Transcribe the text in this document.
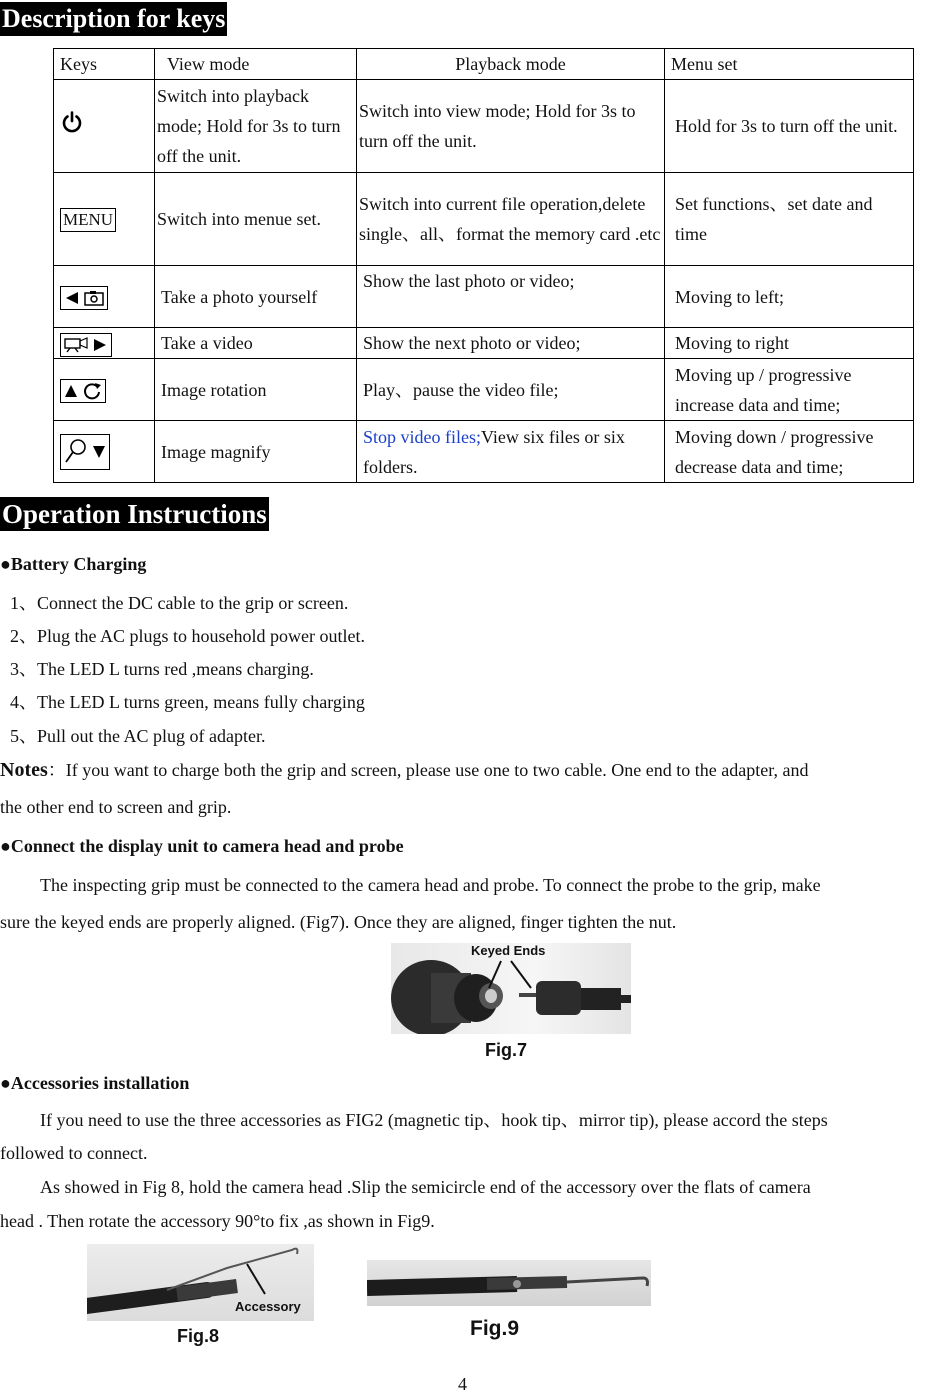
Description for keys
Keys	View mode	Playback mode	Menu set
	Switch into playback mode; Hold for 3s to turn off the unit.	Switch into view mode; Hold for 3s to turn off the unit.	Hold for 3s to turn off the unit.
MENU	Switch into menue set.	Switch into current file operation,delete single、all、format the memory card .etc	Set functions、set date and time

	Take a photo yourself	Show the last photo or video;	Moving to left;

	Take a video	Show the next photo or video;	Moving to right

	Image rotation	Play、pause the video file;	Moving up / progressive increase data and time;

	Image magnify	Stop video files;View six files or six folders.	Moving down / progressive decrease data and time;
Operation Instructions
●Battery Charging
1、Connect the DC cable to the grip or screen.
2、Plug the AC plugs to household power outlet.
3、The LED L turns red ,means charging.
4、The LED L turns green, means fully charging
5、Pull out the AC plug of adapter.
Notes：If you want to charge both the grip and screen, please use one to two cable. One end to the adapter, and
the other end to screen and grip.
●Connect the display unit to camera head and probe
The inspecting grip must be connected to the camera head and probe. To connect the probe to the grip, make
sure the keyed ends are properly aligned. (Fig7). Once they are aligned, finger tighten the nut.
Keyed Ends
Fig.7
●Accessories installation
If you need to use the three accessories as FIG2 (magnetic tip、hook tip、mirror tip), please accord the steps
followed to connect.
As showed in Fig 8, hold the camera head .Slip the semicircle end of the accessory over the flats of camera
head . Then rotate the accessory 90°to fix ,as shown in Fig9.
Accessory
Fig.8	Fig.9
4
